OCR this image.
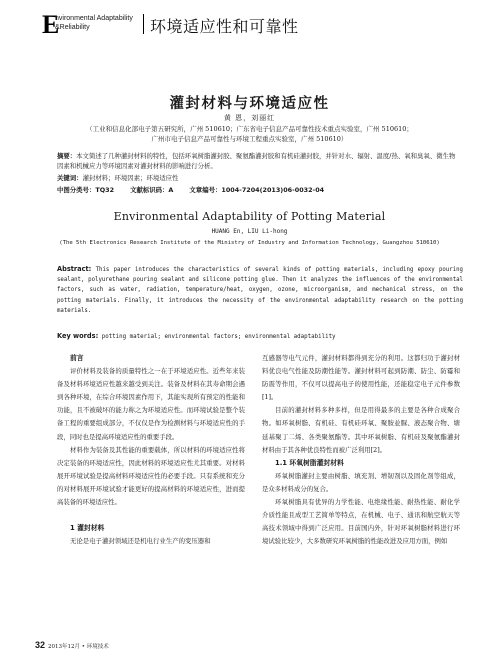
E
nvironmental Adaptability
&Reliability	环境适应性和可靠性
灌封材料与环境适应性
黄 恩，刘丽红
（工业和信息化部电子第五研究所，广州 510610；广东省电子信息产品可靠性技术重点实验室，广州 510610；
广州市电子信息产品可靠性与环境工程重点实验室，广州 510610）
摘要：本文简述了几种灌封材料的特性，包括环氧树脂灌封胶、聚氨酯灌封胶和有机硅灌封胶，并针对水、辐射、温度/热、氧和臭氧、微生物因素和机械应力等环境因素对灌封材料的影响进行分析。
关键词：灌封材料；环境因素；环境适应性
中图分类号：TQ32	文献标识码：A	文章编号：1004-7204(2013)06-0032-04
Environmental Adaptability of Potting Material
HUANG En, LIU Li-hong
(The 5th Electronics Research Institute of the Ministry of Industry and Information Technology, Guangzhou 510610)
Abstract: This paper introduces the characteristics of several kinds of potting materials, including epoxy pouring sealant, polyurethane pouring sealant and silicone potting glue. Then it analyzes the influences of the environmental factors, such as water, radiation, temperature/heat, oxygen, ozone, microorganism, and mechanical stress, on the potting materials. Finally, it introduces the necessity of the environmental adaptability research on the potting materials.
Key words: potting material; environmental factors; environmental adaptability

前言

评价材料及装备的质量特性之一在于环境适应性。近些年来装备及材料环境适应性越来越受到关注。装备及材料在其寿命期会遇到各种环境，在综合环境因素作用下，其能实现所有预定的性能和功能，且不被破坏的能力称之为环境适应性。而环境试验是整个装备工程的重要组成部分，不仅仅是作为检测材料与环境适应性的手段，同时也是提高环境适应性的重要手段。

材料作为装备及其性能的重要载体，所以材料的环境适应性将决定装备的环境适应性，因此材料的环境适应性尤其重要。对材料展开环境试验是提高材料环境适应性的必要手段。只有系统和充分的对材料展开环境试验才能更好的提高材料的环境适应性，进而提高装备的环境适应性。

1 灌封材料

无论是电子灌封领域还是机电行业生产的变压器和

互感器等电气元件，灌封材料都得到充分的利用。这都归功于灌封材料优良电气性能及防潮性能等。灌封材料可起到防潮、防尘、防霉和防震等作用，不仅可以提高电子的使用性能，还能稳定电子元件参数[1]。

目前的灌封材料多种多样，但是用得最多的主要是各种合成聚合物。如环氧树脂、有机硅、有机硅环氧、聚胺並脲、液态聚合物、塘延基聚丁二烯、各类聚氨酯等。其中环氧树脂、有机硅及聚氨酯灌封材料由于其各种优良特性而被广泛利用[2]。

1.1 环氧树脂灌封材料

环氧树脂灌封主要由树脂、填充剂、增韧剂以及固化剂等组成，是众多材料成分的复合。

环氧树脂具有优异的力学性能、电绝缘性能、耐热性能、耐化学介质性能且成型工艺简单等特点，在机械、电子、通讯和航空航天等高技术领域中得到广泛应用。目前国内外，针对环氧树脂材料进行环境试验比较少，大多数研究环氧树脂的性能改进及应用方面，例如

32 2013年12月 • 环境技术
